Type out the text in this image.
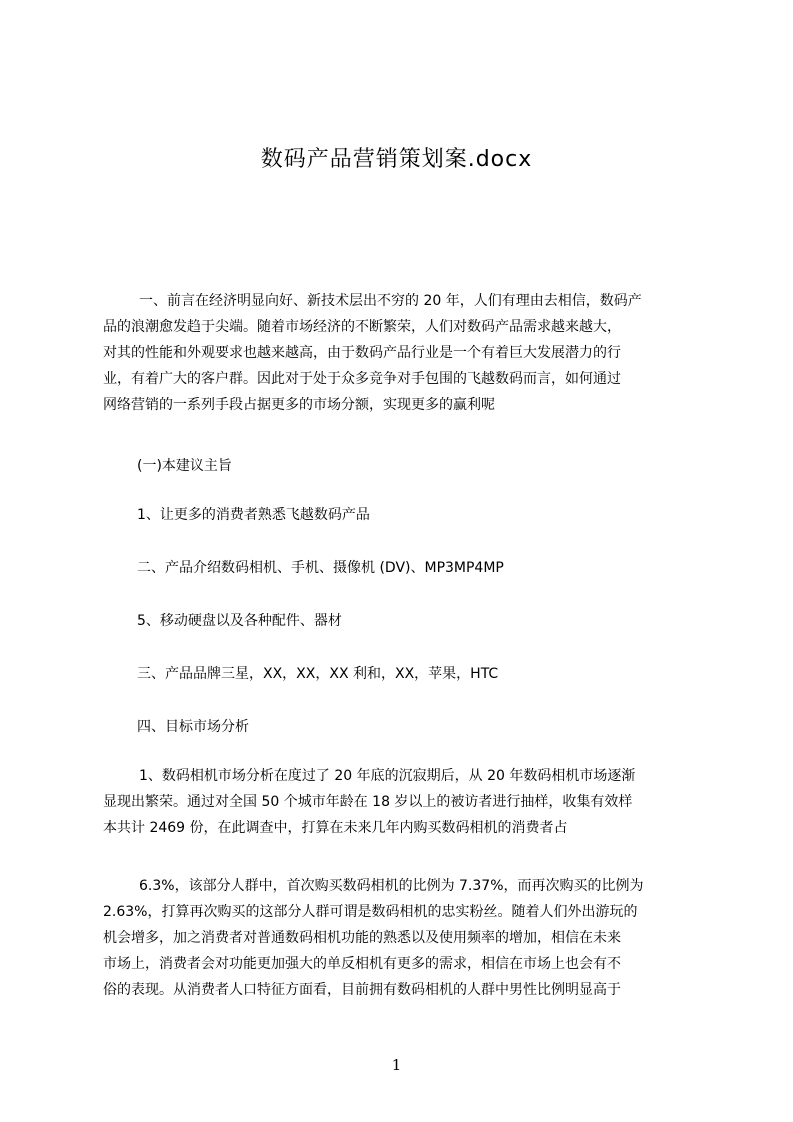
数码产品营销策划案.docx
一、前言在经济明显向好、新技术层出不穷的 20 年，人们有理由去相信，数码产
品的浪潮愈发趋于尖端。随着市场经济的不断繁荣，人们对数码产品需求越来越大，
对其的性能和外观要求也越来越高，由于数码产品行业是一个有着巨大发展潜力的行
业，有着广大的客户群。因此对于处于众多竞争对手包围的飞越数码而言，如何通过
网络营销的一系列手段占据更多的市场分额，实现更多的赢利呢
(一)本建议主旨
1、让更多的消费者熟悉飞越数码产品
二、产品介绍数码相机、手机、摄像机 (DV)、MP3MP4MP
5、移动硬盘以及各种配件、器材
三、产品品牌三星，XX，XX，XX 利和，XX，苹果，HTC
四、目标市场分析
1、数码相机市场分析在度过了 20 年底的沉寂期后，从 20 年数码相机市场逐渐
显现出繁荣。通过对全国 50 个城市年龄在 18 岁以上的被访者进行抽样，收集有效样
本共计 2469 份，在此调查中，打算在未来几年内购买数码相机的消费者占
6.3%，该部分人群中，首次购买数码相机的比例为 7.37%，而再次购买的比例为
2.63%，打算再次购买的这部分人群可谓是数码相机的忠实粉丝。随着人们外出游玩的
机会增多，加之消费者对普通数码相机功能的熟悉以及使用频率的增加，相信在未来
市场上，消费者会对功能更加强大的单反相机有更多的需求，相信在市场上也会有不
俗的表现。从消费者人口特征方面看，目前拥有数码相机的人群中男性比例明显高于
1
